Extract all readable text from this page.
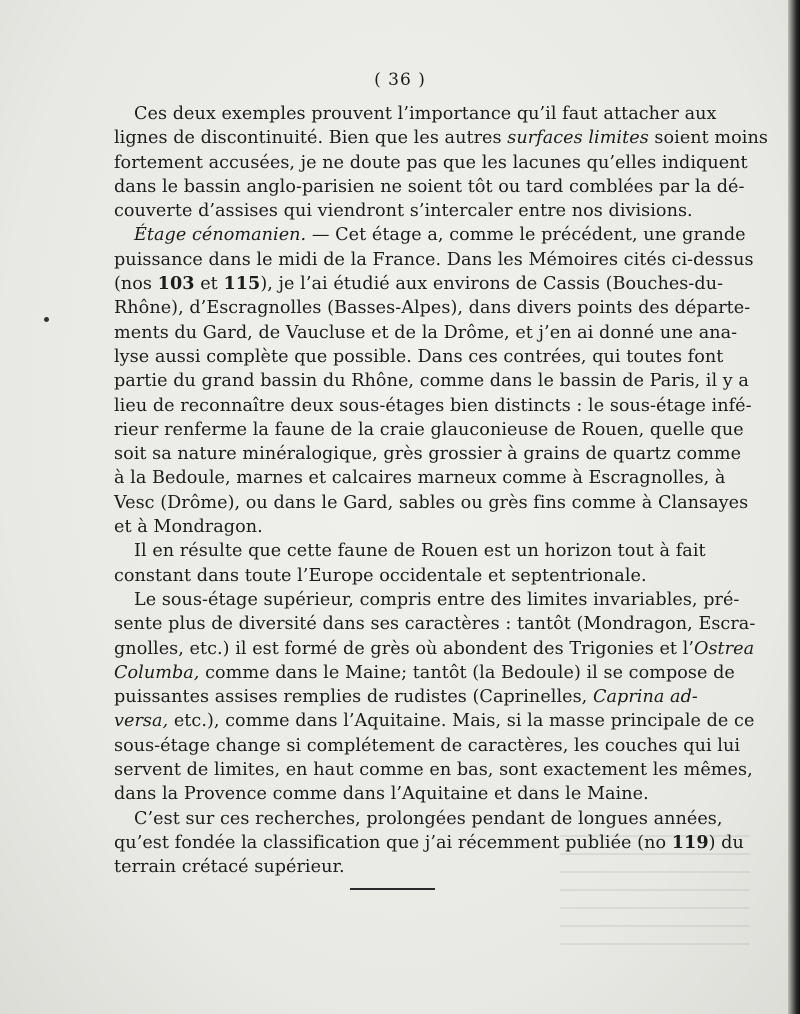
( 36 )
Ces deux exemples prouvent l’importance qu’il faut attacher aux
lignes de discontinuité. Bien que les autres surfaces limites soient moins
fortement accusées, je ne doute pas que les lacunes qu’elles indiquent
dans le bassin anglo-parisien ne soient tôt ou tard comblées par la dé-
couverte d’assises qui viendront s’intercaler entre nos divisions.
Étage cénomanien. — Cet étage a, comme le précédent, une grande
puissance dans le midi de la France. Dans les Mémoires cités ci-dessus
(nos 103 et 115), je l’ai étudié aux environs de Cassis (Bouches-du-
Rhône), d’Escragnolles (Basses-Alpes), dans divers points des départe-
ments du Gard, de Vaucluse et de la Drôme, et j’en ai donné une ana-
lyse aussi complète que possible. Dans ces contrées, qui toutes font
partie du grand bassin du Rhône, comme dans le bassin de Paris, il y a
lieu de reconnaître deux sous-étages bien distincts : le sous-étage infé-
rieur renferme la faune de la craie glauconieuse de Rouen, quelle que
soit sa nature minéralogique, grès grossier à grains de quartz comme
à la Bedoule, marnes et calcaires marneux comme à Escragnolles, à
Vesc (Drôme), ou dans le Gard, sables ou grès fins comme à Clansayes
et à Mondragon.
Il en résulte que cette faune de Rouen est un horizon tout à fait
constant dans toute l’Europe occidentale et septentrionale.
Le sous-étage supérieur, compris entre des limites invariables, pré-
sente plus de diversité dans ses caractères : tantôt (Mondragon, Escra-
gnolles, etc.) il est formé de grès où abondent des Trigonies et l’Ostrea
Columba, comme dans le Maine; tantôt (la Bedoule) il se compose de
puissantes assises remplies de rudistes (Caprinelles, Caprina ad-
versa, etc.), comme dans l’Aquitaine. Mais, si la masse principale de ce
sous-étage change si complétement de caractères, les couches qui lui
servent de limites, en haut comme en bas, sont exactement les mêmes,
dans la Provence comme dans l’Aquitaine et dans le Maine.
C’est sur ces recherches, prolongées pendant de longues années,
qu’est fondée la classification que j’ai récemment publiée (no 119) du
terrain crétacé supérieur.
